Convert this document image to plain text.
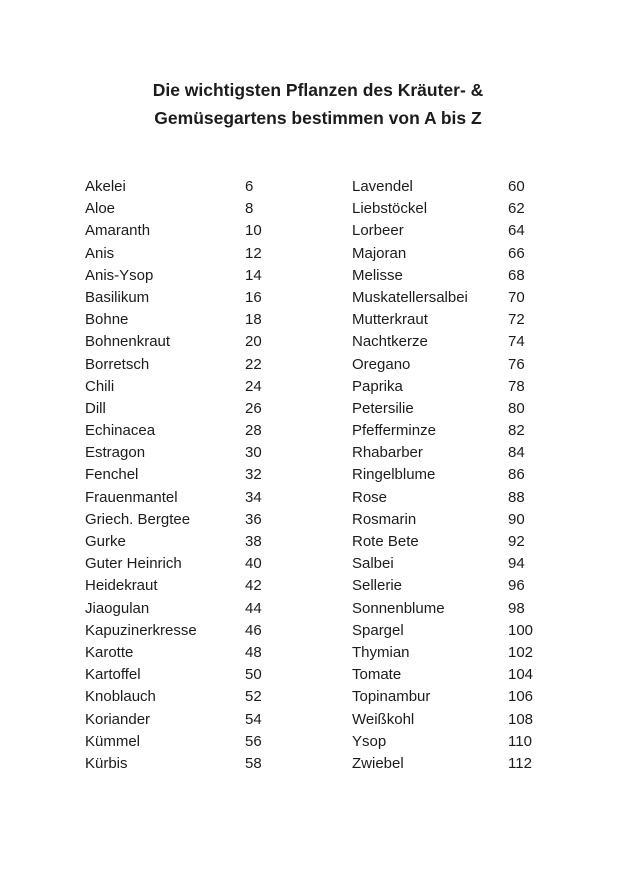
Die wichtigsten Pflanzen des Kräuter- &
Gemüsegartens bestimmen von A bis Z
Akelei	6
Aloe	8
Amaranth	10
Anis	12
Anis-Ysop	14
Basilikum	16
Bohne	18
Bohnenkraut	20
Borretsch	22
Chili	24
Dill	26
Echinacea	28
Estragon	30
Fenchel	32
Frauenmantel	34
Griech. Bergtee	36
Gurke	38
Guter Heinrich	40
Heidekraut	42
Jiaogulan	44
Kapuzinerkresse	46
Karotte	48
Kartoffel	50
Knoblauch	52
Koriander	54
Kümmel	56
Kürbis	58
Lavendel	60
Liebstöckel	62
Lorbeer	64
Majoran	66
Melisse	68
Muskatellersalbei	70
Mutterkraut	72
Nachtkerze	74
Oregano	76
Paprika	78
Petersilie	80
Pfefferminze	82
Rhabarber	84
Ringelblume	86
Rose	88
Rosmarin	90
Rote Bete	92
Salbei	94
Sellerie	96
Sonnenblume	98
Spargel	100
Thymian	102
Tomate	104
Topinambur	106
Weißkohl	108
Ysop	110
Zwiebel	112
